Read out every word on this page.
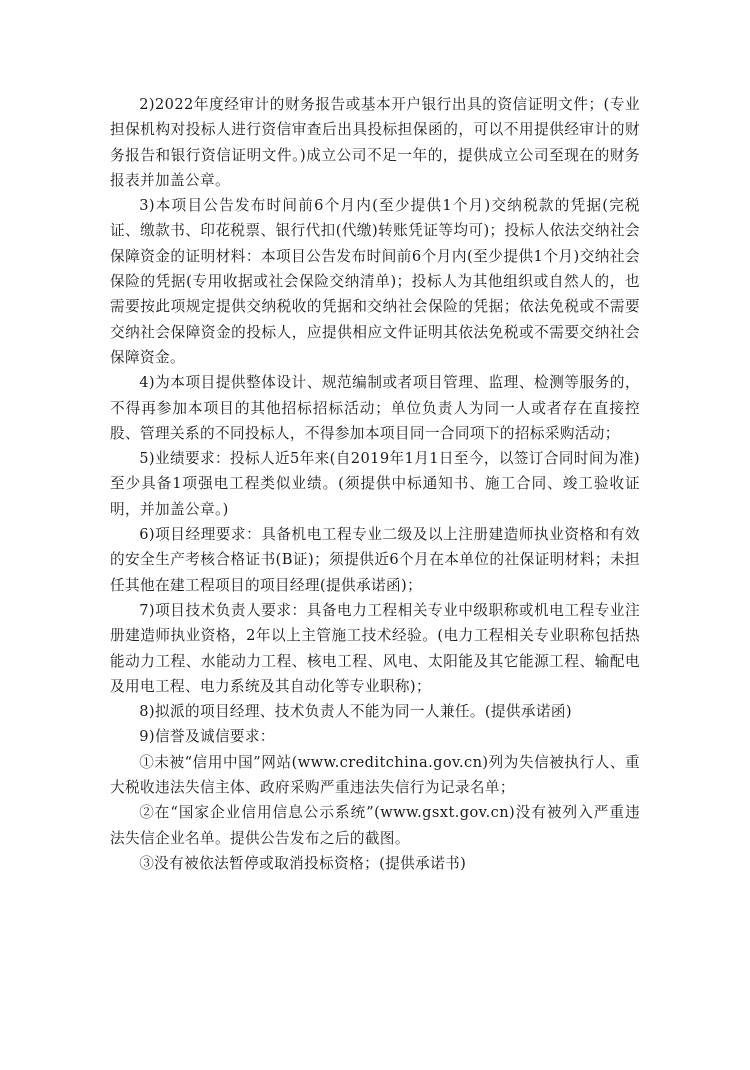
2)2022年度经审计的财务报告或基本开户银行出具的资信证明文件；(专业担保机构对投标人进行资信审查后出具投标担保函的，可以不用提供经审计的财务报告和银行资信证明文件。)成立公司不足一年的，提供成立公司至现在的财务报表并加盖公章。

3)本项目公告发布时间前6个月内(至少提供1个月)交纳税款的凭据(完税证、缴款书、印花税票、银行代扣(代缴)转账凭证等均可)；投标人依法交纳社会保障资金的证明材料：本项目公告发布时间前6个月内(至少提供1个月)交纳社会保险的凭据(专用收据或社会保险交纳清单)；投标人为其他组织或自然人的，也需要按此项规定提供交纳税收的凭据和交纳社会保险的凭据；依法免税或不需要交纳社会保障资金的投标人，应提供相应文件证明其依法免税或不需要交纳社会保障资金。

4)为本项目提供整体设计、规范编制或者项目管理、监理、检测等服务的，不得再参加本项目的其他招标招标活动；单位负责人为同一人或者存在直接控股、管理关系的不同投标人，不得参加本项目同一合同项下的招标采购活动；

5)业绩要求：投标人近5年来(自2019年1月1日至今，以签订合同时间为准)至少具备1项强电工程类似业绩。(须提供中标通知书、施工合同、竣工验收证明，并加盖公章。)

6)项目经理要求：具备机电工程专业二级及以上注册建造师执业资格和有效的安全生产考核合格证书(B证)；须提供近6个月在本单位的社保证明材料；未担任其他在建工程项目的项目经理(提供承诺函)；

7)项目技术负责人要求：具备电力工程相关专业中级职称或机电工程专业注册建造师执业资格，2年以上主管施工技术经验。(电力工程相关专业职称包括热能动力工程、水能动力工程、核电工程、风电、太阳能及其它能源工程、输配电及用电工程、电力系统及其自动化等专业职称)；

8)拟派的项目经理、技术负责人不能为同一人兼任。(提供承诺函)

9)信誉及诚信要求：

①未被“信用中国”网站(www.creditchina.gov.cn)列为失信被执行人、重大税收违法失信主体、政府采购严重违法失信行为记录名单；

②在“国家企业信用信息公示系统”(www.gsxt.gov.cn)没有被列入严重违法失信企业名单。提供公告发布之后的截图。

③没有被依法暂停或取消投标资格；(提供承诺书)
